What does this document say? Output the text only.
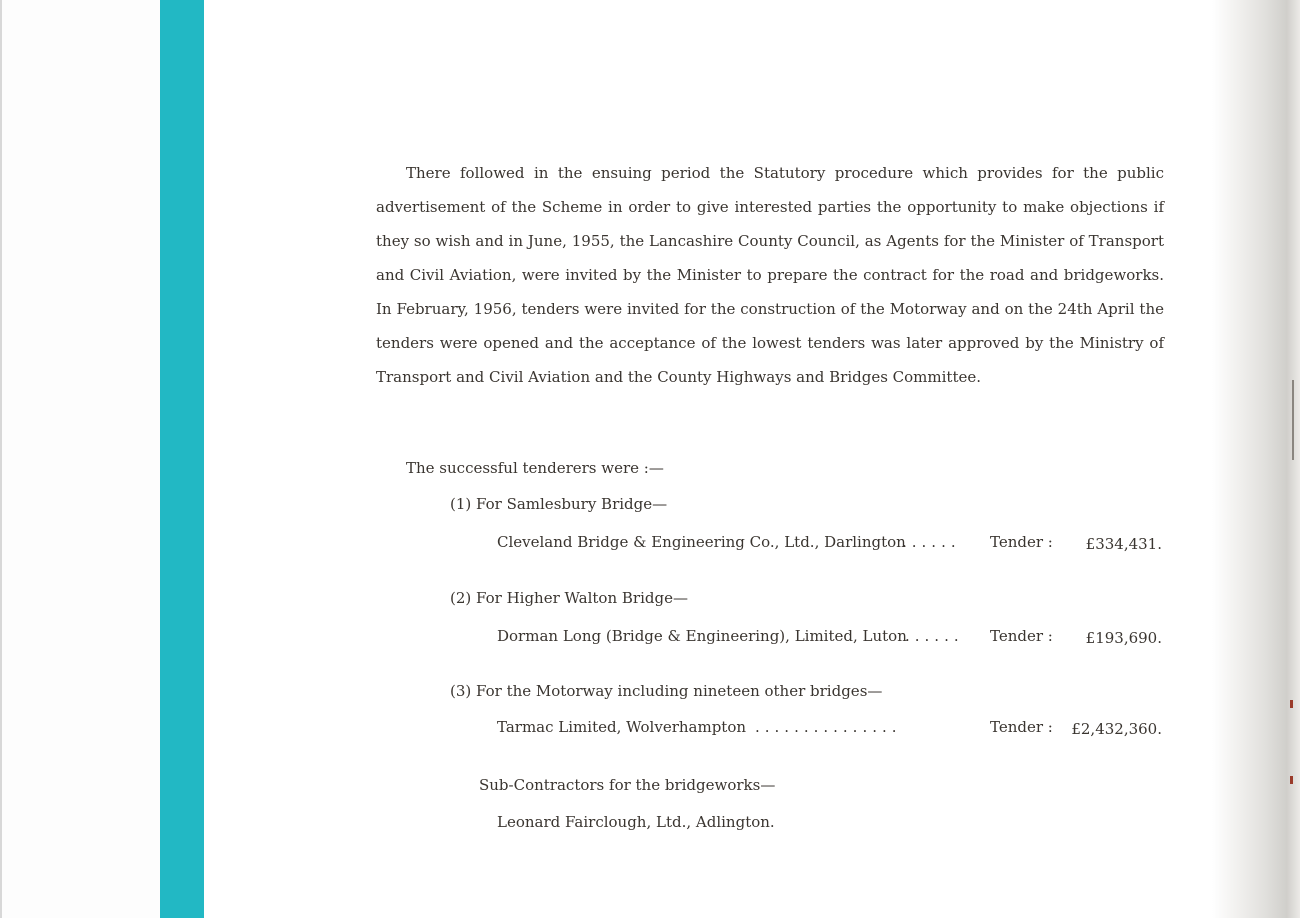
There followed in the ensuing period the Statutory procedure which provides for the public advertisement of the Scheme in order to give interested parties the opportunity to make objections if they so wish and in June, 1955, the Lancashire County Council, as Agents for the Minister of Transport and Civil Aviation, were invited by the Minister to prepare the contract for the road and bridgeworks. In February, 1956, tenders were invited for the construction of the Motorway and on the 24th April the tenders were opened and the acceptance of the lowest tenders was later approved by the Ministry of Transport and Civil Aviation and the County Highways and Bridges Committee.

The successful tenderers were :—
(1) For Samlesbury Bridge—
Cleveland Bridge & Engineering Co., Ltd., Darlington
...... Tender : £334,431.
(2) For Higher Walton Bridge—
Dorman Long (Bridge & Engineering), Limited, Luton
...... Tender : £193,690.
(3) For the Motorway including nineteen other bridges—
Tarmac Limited, Wolverhampton ...............	Tender : £2,432,360.
Sub-Contractors for the bridgeworks—
Leonard Fairclough, Ltd., Adlington.
